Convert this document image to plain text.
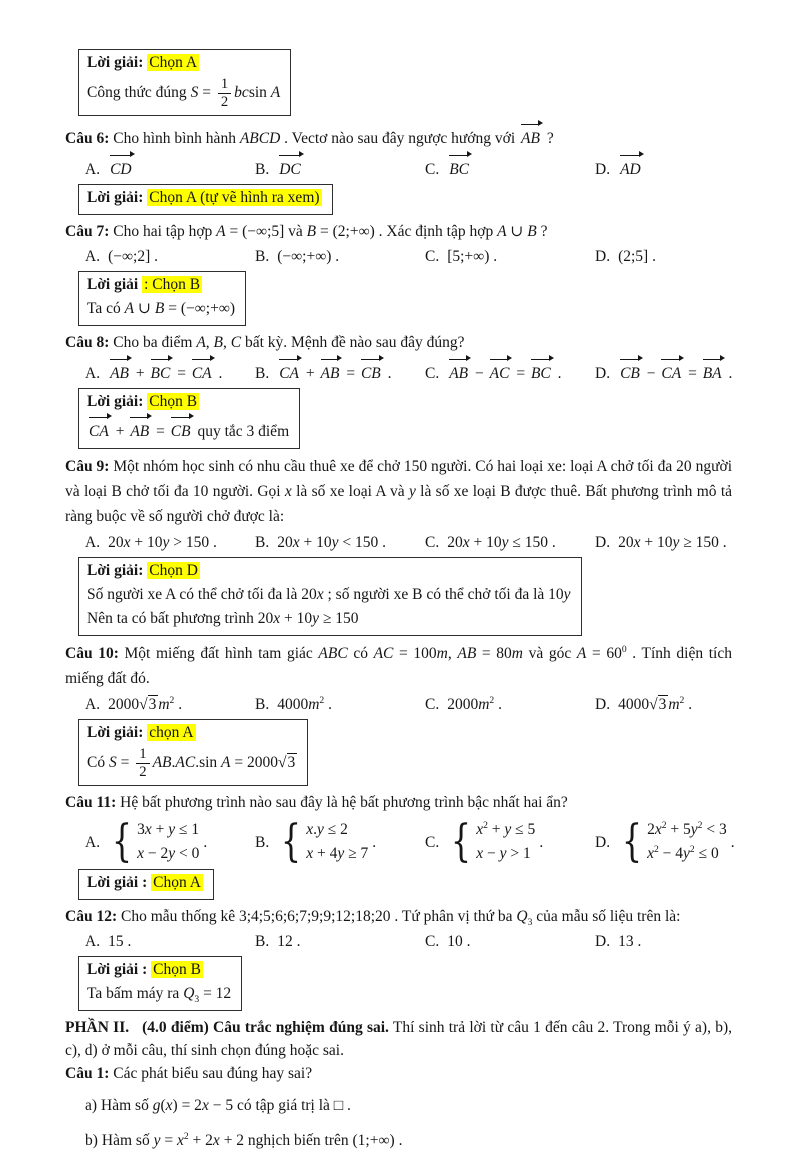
Lời giải: Chọn A

Công thức đúng $S = \frac{1}{2}$ bcsin A

Câu 6: Cho hình bình hành ABCD . Vectơ nào sau đây ngược hướng với AB ?

A. CD	B. DC	C. BC	D. AD

Lời giải: Chọn A (tự vẽ hình ra xem)

Câu 7: Cho hai tập hợp A = (−∞;5] và B = (2;+∞) . Xác định tập hợp A ∪ B ?

A. (−∞;2] .	B. (−∞;+∞) .	C. [5;+∞) .	D. (2;5] .

Lời giải : Chọn B

Ta có A ∪ B = (−∞;+∞)

Câu 8: Cho ba điểm A, B, C bất kỳ. Mệnh đề nào sau đây đúng?

A. AB + BC = CA . B. CA + AB = CB . C. AB − AC = BC . D. CB − CA = BA .

Lời giải: Chọn B

CA + AB = CB quy tắc 3 điểm

Câu 9: Một nhóm học sinh có nhu cầu thuê xe để chở 150 người. Có hai loại xe: loại A chở tối đa 20 người và loại B chở tối đa 10 người. Gọi x là số xe loại A và y là số xe loại B được thuê. Bất phương trình mô tả ràng buộc về số người chở được là:

A. 20x + 10y > 150 . B. 20x + 10y < 150 .	C. 20x + 10y ≤ 150 .	D. 20x + 10y ≥ 150 .

Lời giải: Chọn D

Số người xe A có thể chở tối đa là 20x ; số người xe B có thể chở tối đa là 10y

Nên ta có bất phương trình 20x + 10y ≥ 150

Câu 10: Một miếng đất hình tam giác ABC có AC = 100m, AB = 80m và góc $A = 60^0$ . Tính diện tích miếng đất đó.

A. 2000√3 $m^2$ .	B. $4000m^2$ .	C. $2000m^2$ .	D. 4000√3 $m^2$ .

Lời giải: chọn A

Có $S = \frac{1}{2} AB.AC.\sin$ A = 2000√3

Câu 11: Hệ bất phương trình nào sau đây là hệ bất phương trình bậc nhất hai ẩn?

A. { 3x + y ≤ 1
x − 2y < 0
.	B. { x.y ≤ 2
x + 4y ≥ 7
.	C. { $x^2 + y \le 5$
x − y > 1
.	D. { $2x^2 + 5y^2 < 3$
$x^2 - 4y^2 \le 0$
.

Lời giải : Chọn A

Câu 12: Cho mẫu thống kê 3;4;5;6;6;7;9;9;12;18;20 . Tứ phân vị thứ ba $Q_3$ của mẫu số liệu trên là:

A. 15 .	B. 12 .	C. 10 .	D. 13 .

Lời giải : Chọn B

Ta bấm máy ra $Q_3 = 12$

PHẦN II. (4.0 điểm) Câu trắc nghiệm đúng sai. Thí sinh trả lời từ câu 1 đến câu 2. Trong mỗi ý a), b), c), d) ở mỗi câu, thí sinh chọn đúng hoặc sai.

Câu 1: Các phát biểu sau đúng hay sai?

a) Hàm số g(x) = 2x − 5 có tập giá trị là □ .

b) Hàm số $y = x^2 + 2x + 2$ nghịch biến trên (1;+∞) .
